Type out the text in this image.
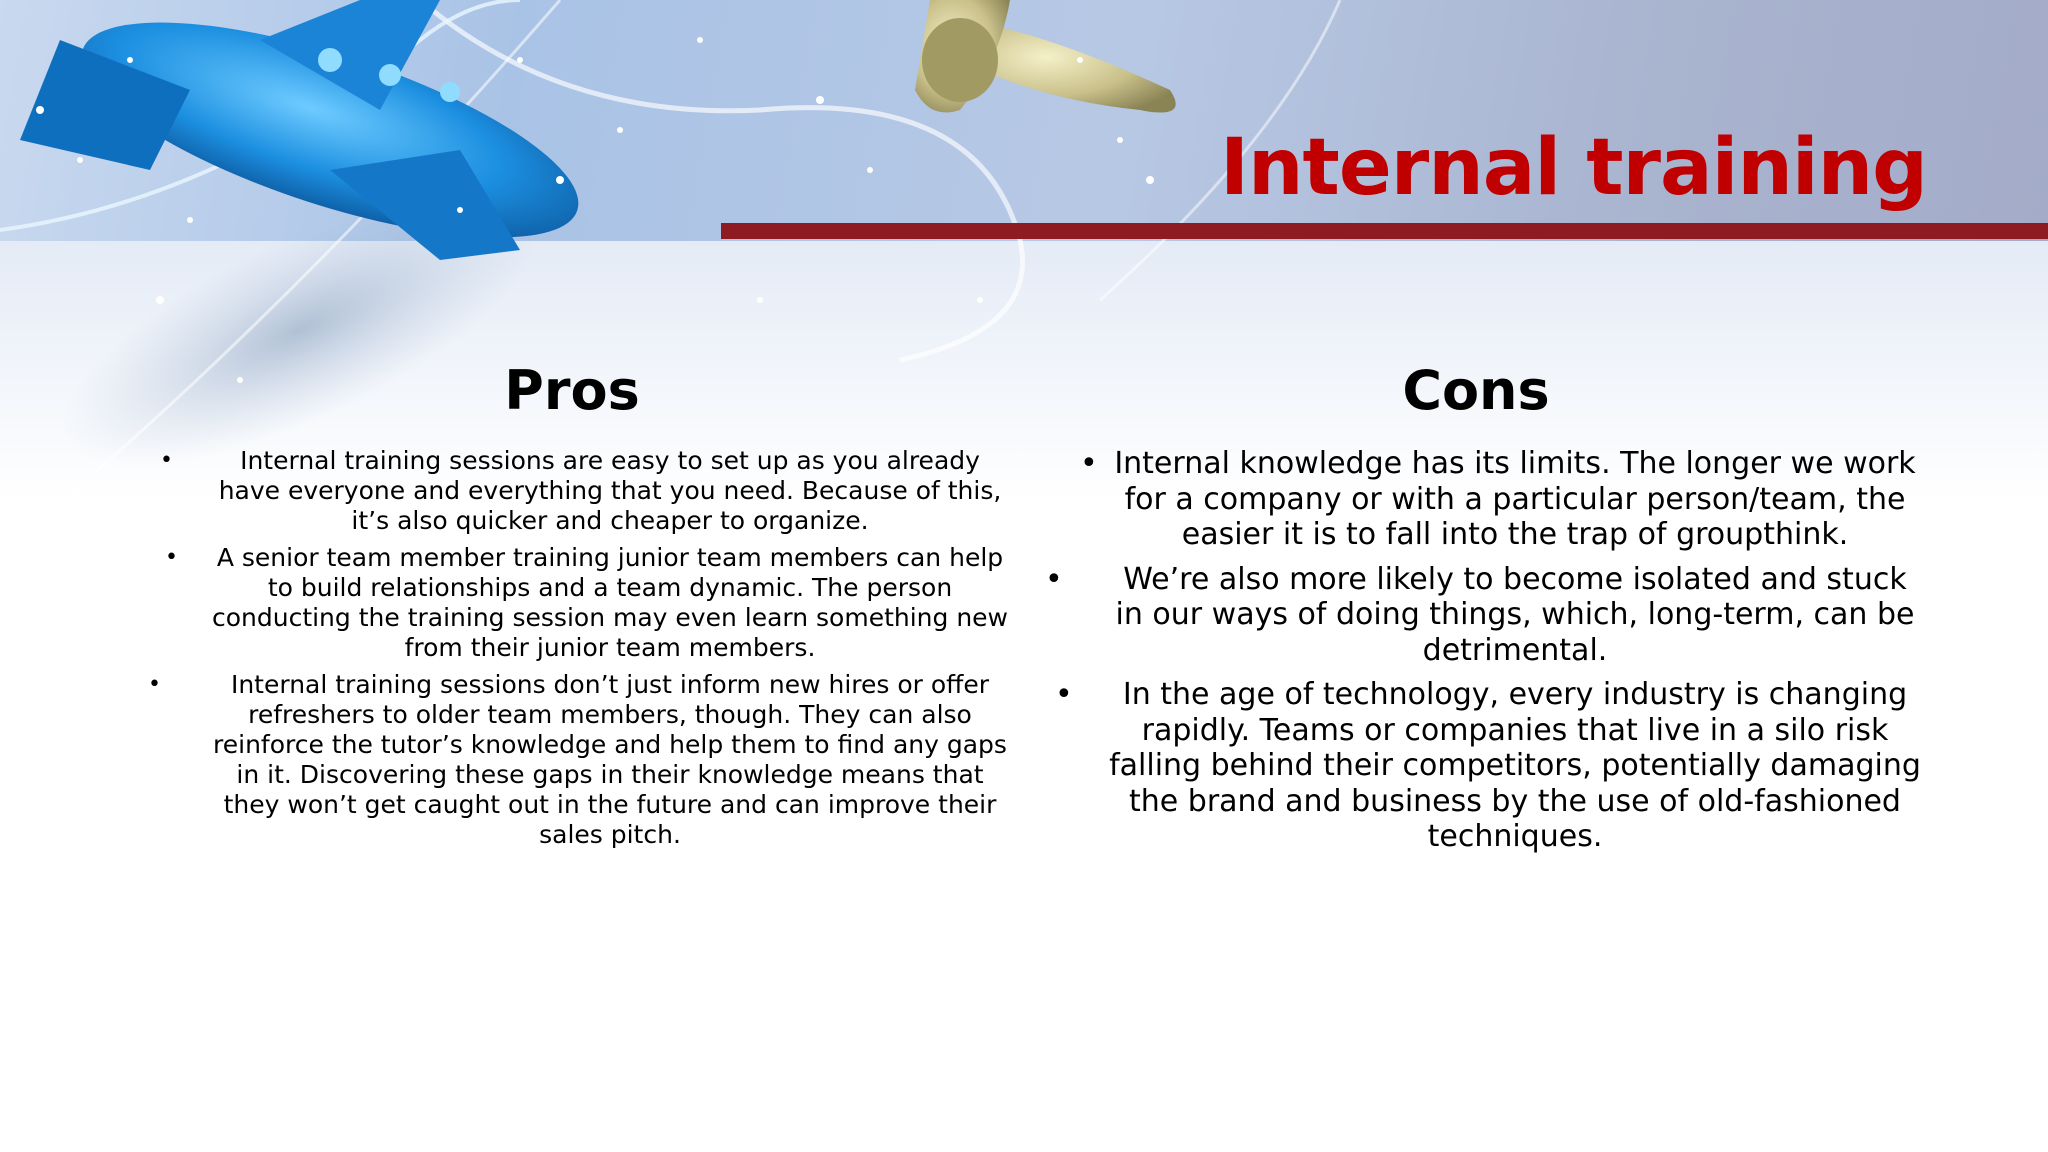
Internal training
Pros	Cons
•	Internal training sessions are easy to set up as you already have everyone and everything that you need. Because of this, it’s also quicker and cheaper to organize.
• A senior team member training junior team members can help to build relationships and a team dynamic. The person conducting the training session may even learn something new from their junior team members.
•	Internal training sessions don’t just inform new hires or offer refreshers to older team members, though. They can also reinforce the tutor’s knowledge and help them to find any gaps in it. Discovering these gaps in their knowledge means that they won’t get caught out in the future and can improve their sales pitch.
• Internal knowledge has its limits. The longer we work for a company or with a particular person/team, the easier it is to fall into the trap of groupthink.
• We’re also more likely to become isolated and stuck in our ways of doing things, which, long-term, can be detrimental.
• In the age of technology, every industry is changing rapidly. Teams or companies that live in a silo risk falling behind their competitors, potentially damaging the brand and business by the use of old-fashioned techniques.
